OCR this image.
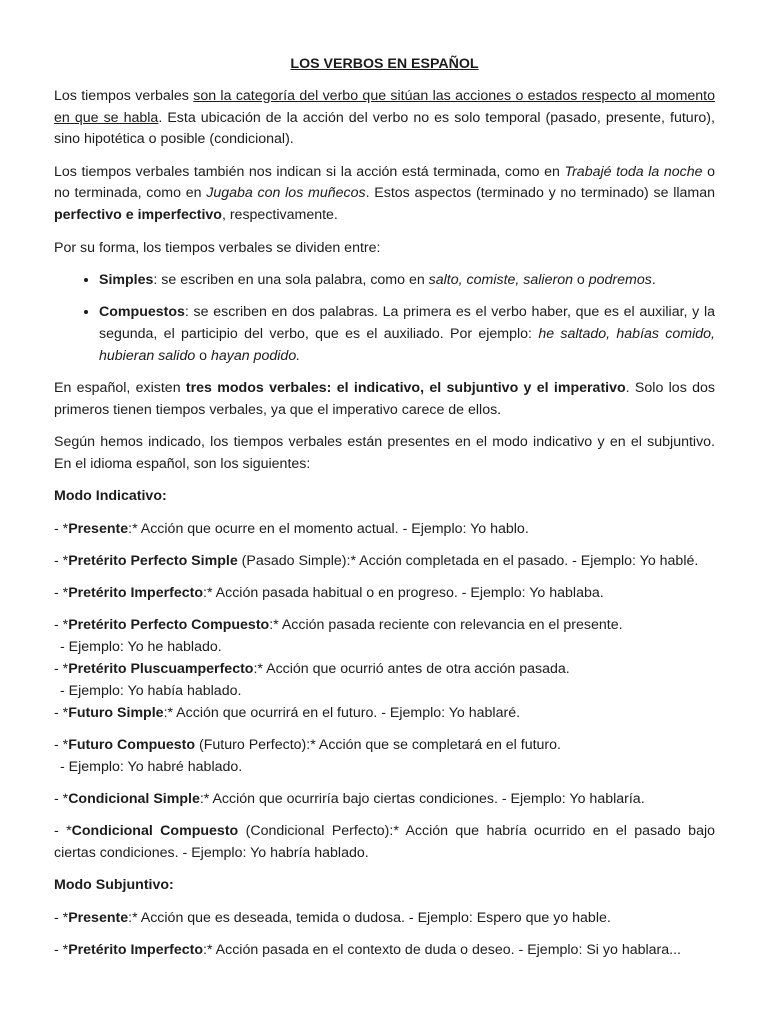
LOS VERBOS EN ESPAÑOL

Los tiempos verbales son la categoría del verbo que sitúan las acciones o estados respecto al momento en que se habla. Esta ubicación de la acción del verbo no es solo temporal (pasado, presente, futuro), sino hipotética o posible (condicional).

Los tiempos verbales también nos indican si la acción está terminada, como en Trabajé toda la noche o no terminada, como en Jugaba con los muñecos. Estos aspectos (terminado y no terminado) se llaman perfectivo e imperfectivo, respectivamente.

Por su forma, los tiempos verbales se dividen entre:

• Simples: se escriben en una sola palabra, como en salto, comiste, salieron o podremos.
• Compuestos: se escriben en dos palabras. La primera es el verbo haber, que es el auxiliar, y la segunda, el participio del verbo, que es el auxiliado. Por ejemplo: he saltado, habías comido, hubieran salido o hayan podido.

En español, existen tres modos verbales: el indicativo, el subjuntivo y el imperativo. Solo los dos primeros tienen tiempos verbales, ya que el imperativo carece de ellos.

Según hemos indicado, los tiempos verbales están presentes en el modo indicativo y en el subjuntivo. En el idioma español, son los siguientes:

Modo Indicativo:

- *Presente:* Acción que ocurre en el momento actual. - Ejemplo: Yo hablo.

- *Pretérito Perfecto Simple (Pasado Simple):* Acción completada en el pasado. - Ejemplo: Yo hablé.

- *Pretérito Imperfecto:* Acción pasada habitual o en progreso. - Ejemplo: Yo hablaba.

- *Pretérito Perfecto Compuesto:* Acción pasada reciente con relevancia en el presente.
- Ejemplo: Yo he hablado.

- *Pretérito Pluscuamperfecto:* Acción que ocurrió antes de otra acción pasada.
- Ejemplo: Yo había hablado.

- *Futuro Simple:* Acción que ocurrirá en el futuro. - Ejemplo: Yo hablaré.

- *Futuro Compuesto (Futuro Perfecto):* Acción que se completará en el futuro.
- Ejemplo: Yo habré hablado.

- *Condicional Simple:* Acción que ocurriría bajo ciertas condiciones. - Ejemplo: Yo hablaría.

- *Condicional Compuesto (Condicional Perfecto):* Acción que habría ocurrido en el pasado bajo ciertas condiciones. - Ejemplo: Yo habría hablado.

Modo Subjuntivo:

- *Presente:* Acción que es deseada, temida o dudosa. - Ejemplo: Espero que yo hable.

- *Pretérito Imperfecto:* Acción pasada en el contexto de duda o deseo. - Ejemplo: Si yo hablara...
